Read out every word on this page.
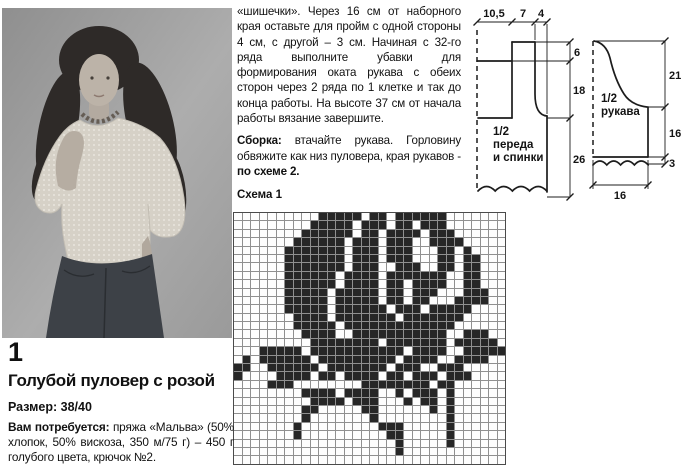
«шишечки». Через 16 см от наборного края оставьте для пройм с одной стороны 4 см, с другой – 3 см. Начиная с 32-го ряда выполните убавки для формирования оката рукава с обеих сторон через 2 ряда по 1 клетке и так до конца работы. На высоте 37 см от начала работы вязание завершите.

Сборка: втачайте рукава. Горловину обвяжите как низ пуловера, края рукавов - по схеме 2.

10,5 7 4
6
18
26
1/2
переда
и спинки
16
21
16
3
1/2
рукава
Схема 1
1
Голубой пуловер с розой
Размер: 38/40
Вам потребуется: пряжа «Мальва» (50% хлопок, 50% вискоза, 350 м/75 г) – 450 г голубого цвета, крючок №2.
